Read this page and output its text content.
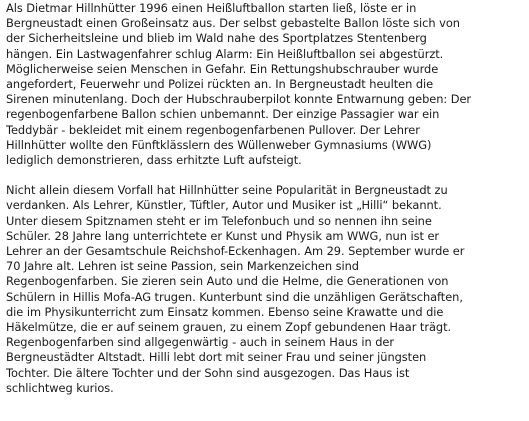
Als Dietmar Hillnhütter 1996 einen Heißluftballon starten ließ, löste er in
Bergneustadt einen Großeinsatz aus. Der selbst gebastelte Ballon löste sich von
der Sicherheitsleine und blieb im Wald nahe des Sportplatzes Stentenberg
hängen. Ein Lastwagenfahrer schlug Alarm: Ein Heißluftballon sei abgestürzt.
Möglicherweise seien Menschen in Gefahr. Ein Rettungshubschrauber wurde
angefordert, Feuerwehr und Polizei rückten an. In Bergneustadt heulten die
Sirenen minutenlang. Doch der Hubschrauberpilot konnte Entwarnung geben: Der
regenbogenfarbene Ballon schien unbemannt. Der einzige Passagier war ein
Teddybär - bekleidet mit einem regenbogenfarbenen Pullover. Der Lehrer
Hillnhütter wollte den Fünftklässlern des Wüllenweber Gymnasiums (WWG)
lediglich demonstrieren, dass erhitzte Luft aufsteigt.

Nicht allein diesem Vorfall hat Hillnhütter seine Popularität in Bergneustadt zu
verdanken. Als Lehrer, Künstler, Tüftler, Autor und Musiker ist „Hilli“ bekannt.
Unter diesem Spitznamen steht er im Telefonbuch und so nennen ihn seine
Schüler. 28 Jahre lang unterrichtete er Kunst und Physik am WWG, nun ist er
Lehrer an der Gesamtschule Reichshof-Eckenhagen. Am 29. September wurde er
70 Jahre alt. Lehren ist seine Passion, sein Markenzeichen sind
Regenbogenfarben. Sie zieren sein Auto und die Helme, die Generationen von
Schülern in Hillis Mofa-AG trugen. Kunterbunt sind die unzähligen Gerätschaften,
die im Physikunterricht zum Einsatz kommen. Ebenso seine Krawatte und die
Häkelmütze, die er auf seinem grauen, zu einem Zopf gebundenen Haar trägt.
Regenbogenfarben sind allgegenwärtig - auch in seinem Haus in der
Bergneustädter Altstadt. Hilli lebt dort mit seiner Frau und seiner jüngsten
Tochter. Die ältere Tochter und der Sohn sind ausgezogen. Das Haus ist
schlichtweg kurios.
